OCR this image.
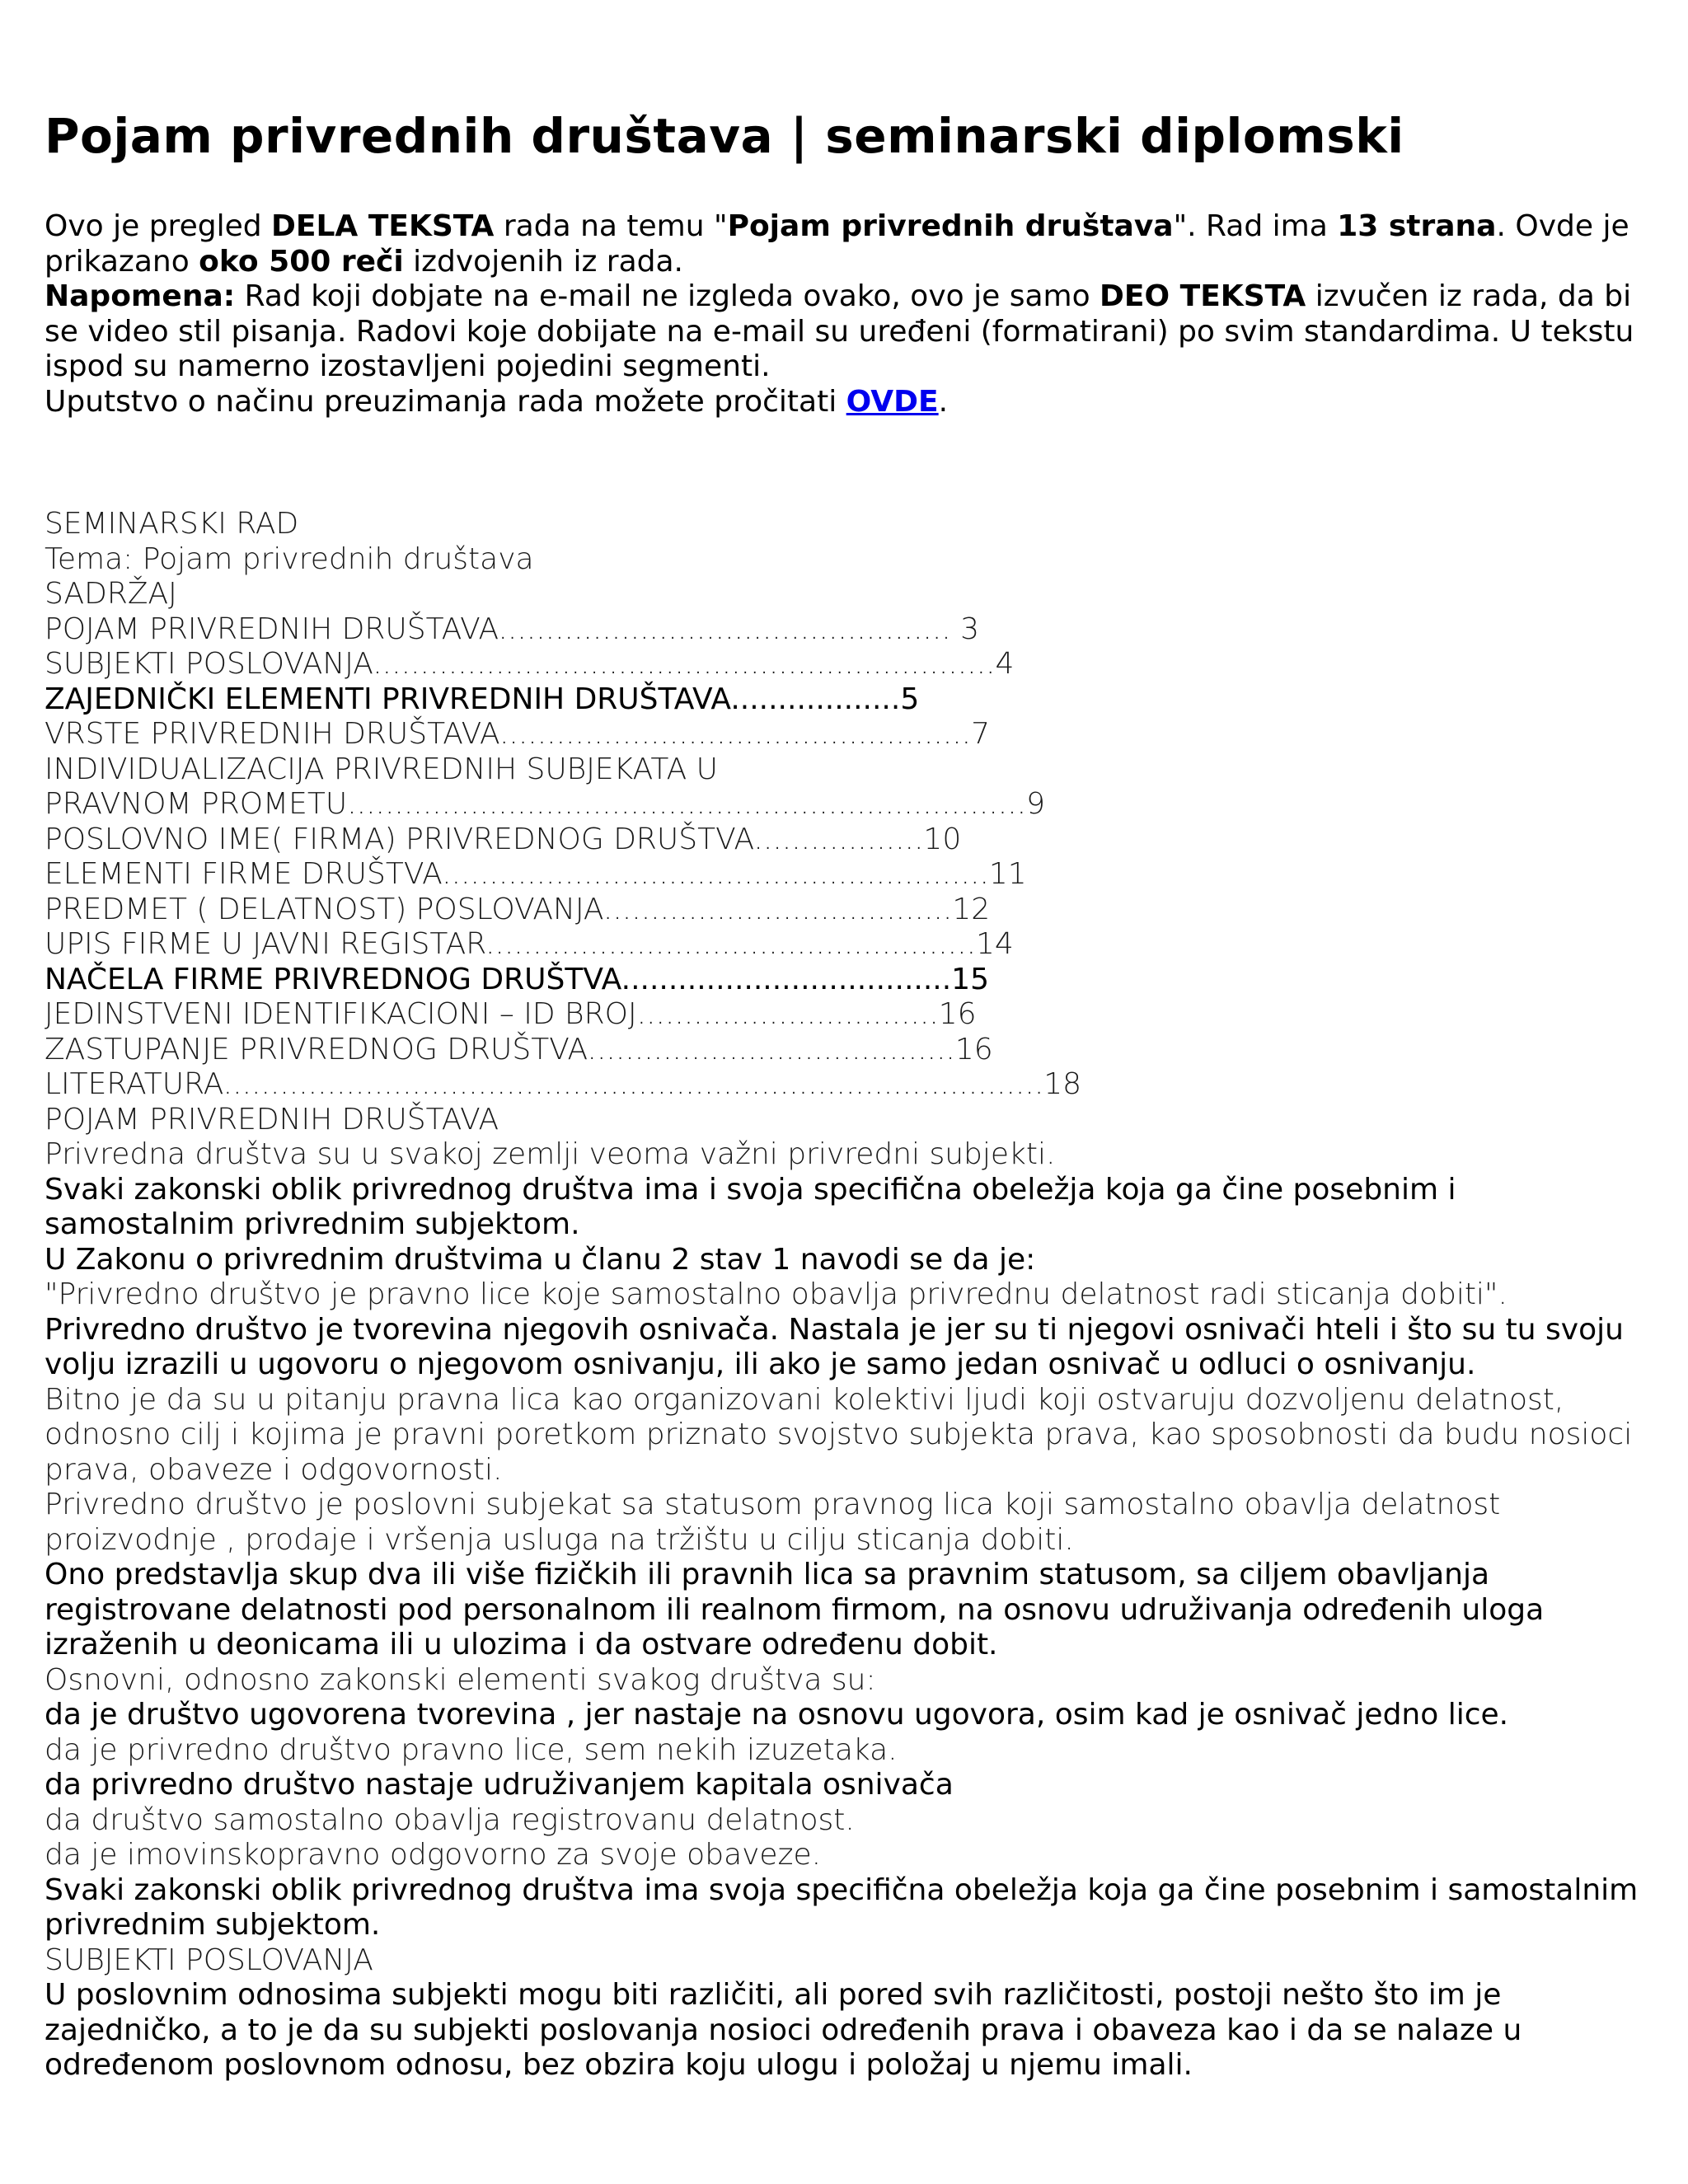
Pojam privrednih društava | seminarski diplomski

Ovo je pregled DELA TEKSTA rada na temu "Pojam privrednih društava". Rad ima 13 strana. Ovde je prikazano oko 500 reči izdvojenih iz rada.

Napomena: Rad koji dobjate na e-mail ne izgleda ovako, ovo je samo DEO TEKSTA izvučen iz rada, da bi se video stil pisanja. Radovi koje dobijate na e-mail su uređeni (formatirani) po svim standardima. U tekstu ispod su namerno izostavljeni pojedini segmenti.

Uputstvo o načinu preuzimanja rada možete pročitati OVDE.

SEMINARSKI RAD

Tema: Pojam privrednih društava

SADRŽAJ

POJAM PRIVREDNIH DRUŠTAVA................................................ 3

SUBJEKTI POSLOVANJA..................................................................4

ZAJEDNIČKI ELEMENTI PRIVREDNIH DRUŠTAVA..................5

VRSTE PRIVREDNIH DRUŠTAVA..................................................7

INDIVIDUALIZACIJA PRIVREDNIH SUBJEKATA U

PRAVNOM PROMETU........................................................................9

POSLOVNO IME( FIRMA) PRIVREDNOG DRUŠTVA..................10

ELEMENTI FIRME DRUŠTVA..........................................................11

PREDMET ( DELATNOST) POSLOVANJA.....................................12

UPIS FIRME U JAVNI REGISTAR....................................................14

NAČELA FIRME PRIVREDNOG DRUŠTVA...................................15

JEDINSTVENI IDENTIFIKACIONI – ID BROJ................................16

ZASTUPANJE PRIVREDNOG DRUŠTVA.......................................16

LITERATURA.......................................................................................18

POJAM PRIVREDNIH DRUŠTAVA

Privredna društva su u svakoj zemlji veoma važni privredni subjekti.

Svaki zakonski oblik privrednog društva ima i svoja specifična obeležja koja ga čine posebnim i samostalnim privrednim subjektom.

U Zakonu o privrednim društvima u članu 2 stav 1 navodi se da je:

"Privredno društvo je pravno lice koje samostalno obavlja privrednu delatnost radi sticanja dobiti".

Privredno društvo je tvorevina njegovih osnivača. Nastala je jer su ti njegovi osnivači hteli i što su tu svoju volju izrazili u ugovoru o njegovom osnivanju, ili ako je samo jedan osnivač u odluci o osnivanju.

Bitno je da su u pitanju pravna lica kao organizovani kolektivi ljudi koji ostvaruju dozvoljenu delatnost, odnosno cilj i kojima je pravni poretkom priznato svojstvo subjekta prava, kao sposobnosti da budu nosioci prava, obaveze i odgovornosti.

Privredno društvo je poslovni subjekat sa statusom pravnog lica koji samostalno obavlja delatnost proizvodnje , prodaje i vršenja usluga na tržištu u cilju sticanja dobiti.

Ono predstavlja skup dva ili više fizičkih ili pravnih lica sa pravnim statusom, sa ciljem obavljanja registrovane delatnosti pod personalnom ili realnom firmom, na osnovu udruživanja određenih uloga izraženih u deonicama ili u ulozima i da ostvare određenu dobit.

Osnovni, odnosno zakonski elementi svakog društva su:

da je društvo ugovorena tvorevina , jer nastaje na osnovu ugovora, osim kad je osnivač jedno lice.

da je privredno društvo pravno lice, sem nekih izuzetaka.

da privredno društvo nastaje udruživanjem kapitala osnivača

da društvo samostalno obavlja registrovanu delatnost.

da je imovinskopravno odgovorno za svoje obaveze.

Svaki zakonski oblik privrednog društva ima svoja specifična obeležja koja ga čine posebnim i samostalnim privrednim subjektom.

SUBJEKTI POSLOVANJA

U poslovnim odnosima subjekti mogu biti različiti, ali pored svih različitosti, postoji nešto što im je zajedničko, a to je da su subjekti poslovanja nosioci određenih prava i obaveza kao i da se nalaze u određenom poslovnom odnosu, bez obzira koju ulogu i položaj u njemu imali.
